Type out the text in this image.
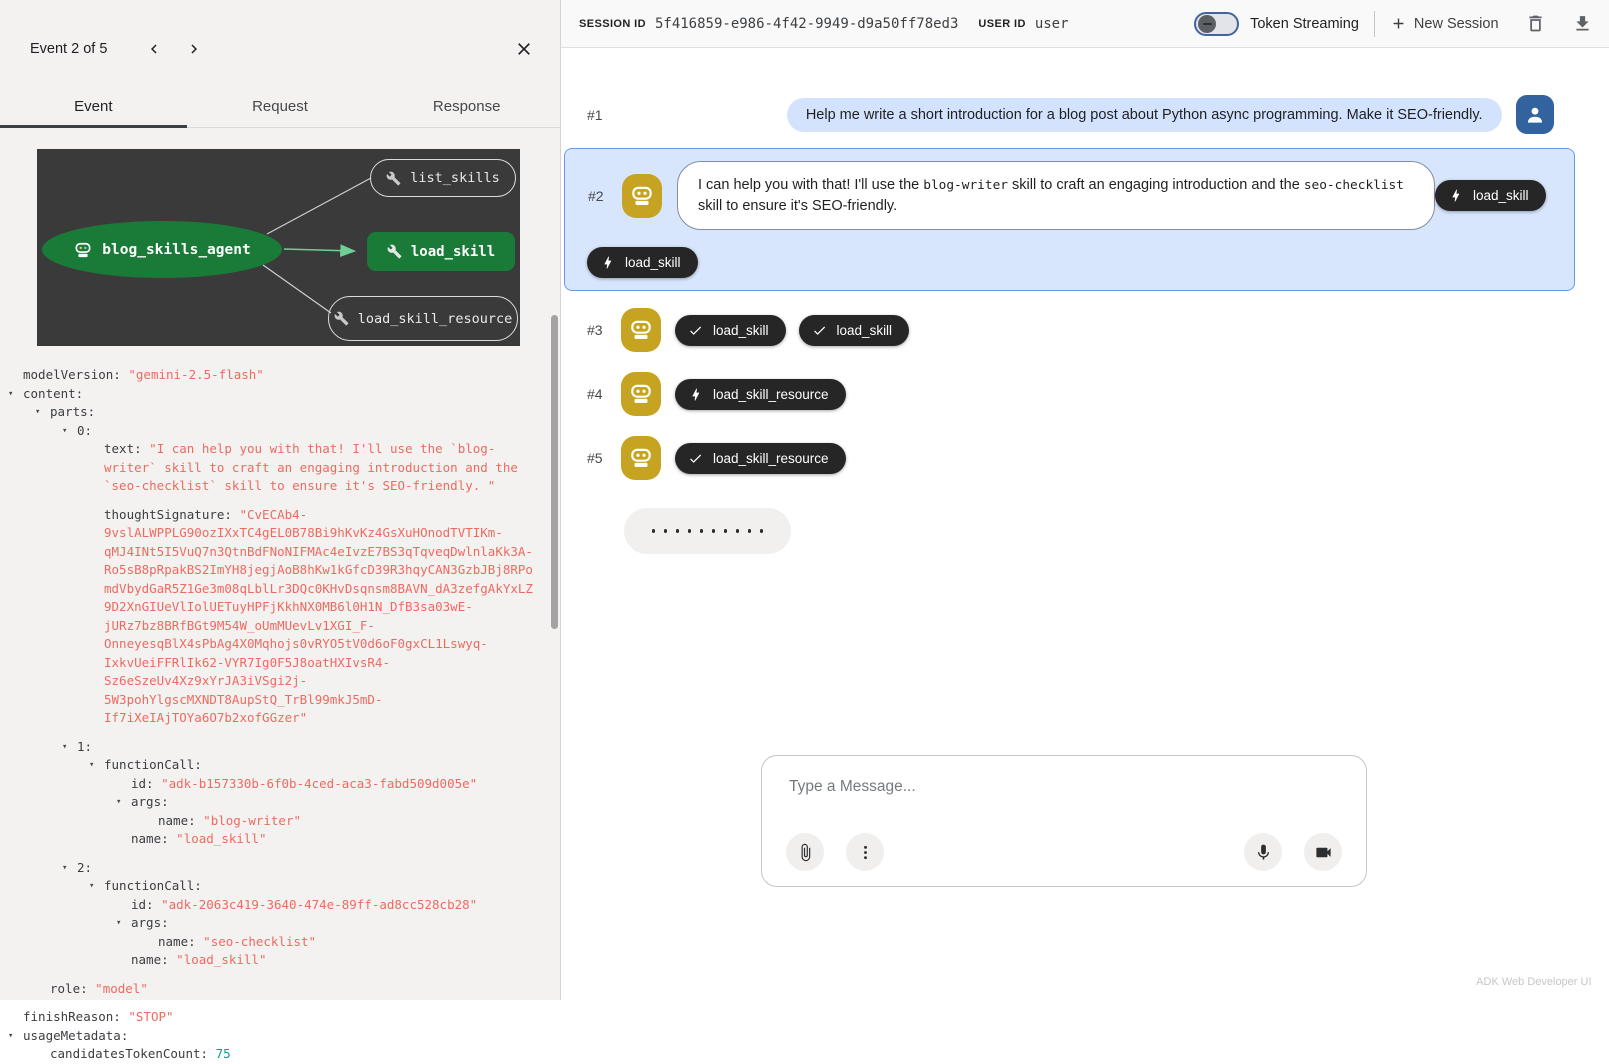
Event 2 of 5
Event	Request	Response
blog_skills_agent
list_skills
load_skill
load_skill_resource
modelVersion: "gemini-2.5-flash"
▾ content:
▾ parts:
▾ 0:
text: "I can help you with that! I'll use the `blog-writer` skill to craft an engaging introduction and the `seo-checklist` skill to ensure it's SEO-friendly. "
thoughtSignature: "CvECAb4-9vslALWPPLG90ozIXxTC4gEL0B78Bi9hKvKz4GsXuHOnodTVTIKm-qMJ4INt5I5VuQ7n3QtnBdFNoNIFMAc4eIvzE7BS3qTqveqDwlnlaKk3A-Ro5sB8pRpakBS2ImYH8jegjAoB8hKw1kGfcD39R3hqyCAN3GzbJBj8RPomdVbydGaR5Z1Ge3m08qLblLr3DQc0KHvDsqnsm8BAVN_dA3zefgAkYxLZ9D2XnGIUeVlIolUETuyHPFjKkhNX0MB6l0H1N_DfB3sa03wE-jURz7bz8BRfBGt9M54W_oUmMUevLv1XGI_F-OnneyesqBlX4sPbAg4X0Mqhojs0vRYO5tV0d6oF0gxCL1Lswyq-IxkvUeiFFRlIk62-VYR7Ig0F5J8oatHXIvsR4-Sz6eSzeUv4Xz9xYrJA3iVSgi2j-5W3pohYlgscMXNDT8AupStQ_TrBl99mkJ5mD-If7iXeIAjTOYa6O7b2xofGGzer"
▾ 1:
▾ functionCall:
id: "adk-b157330b-6f0b-4ced-aca3-fabd509d005e"
▾ args:
name: "blog-writer"
name: "load_skill"
▾ 2:
▾ functionCall:
id: "adk-2063c419-3640-474e-89ff-ad8cc528cb28"
▾ args:
name: "seo-checklist"
name: "load_skill"
role: "model"
finishReason: "STOP"
▾ usageMetadata:
candidatesTokenCount: 75
SESSION ID 5f416859-e986-4f42-9949-d9a50ff78ed3 USER ID user	Token Streaming	New Session
#1	Help me write a short introduction for a blog post about Python async programming. Make it SEO-friendly.
#2
I can help you with that! I'll use the blog-writer skill to craft an engaging introduction and the seo-checklist skill to ensure it's SEO-friendly.
load_skill
load_skill
#3	load_skill	load_skill
#4	load_skill_resource
#5	load_skill_resource
Type a Message...
ADK Web Developer UI
